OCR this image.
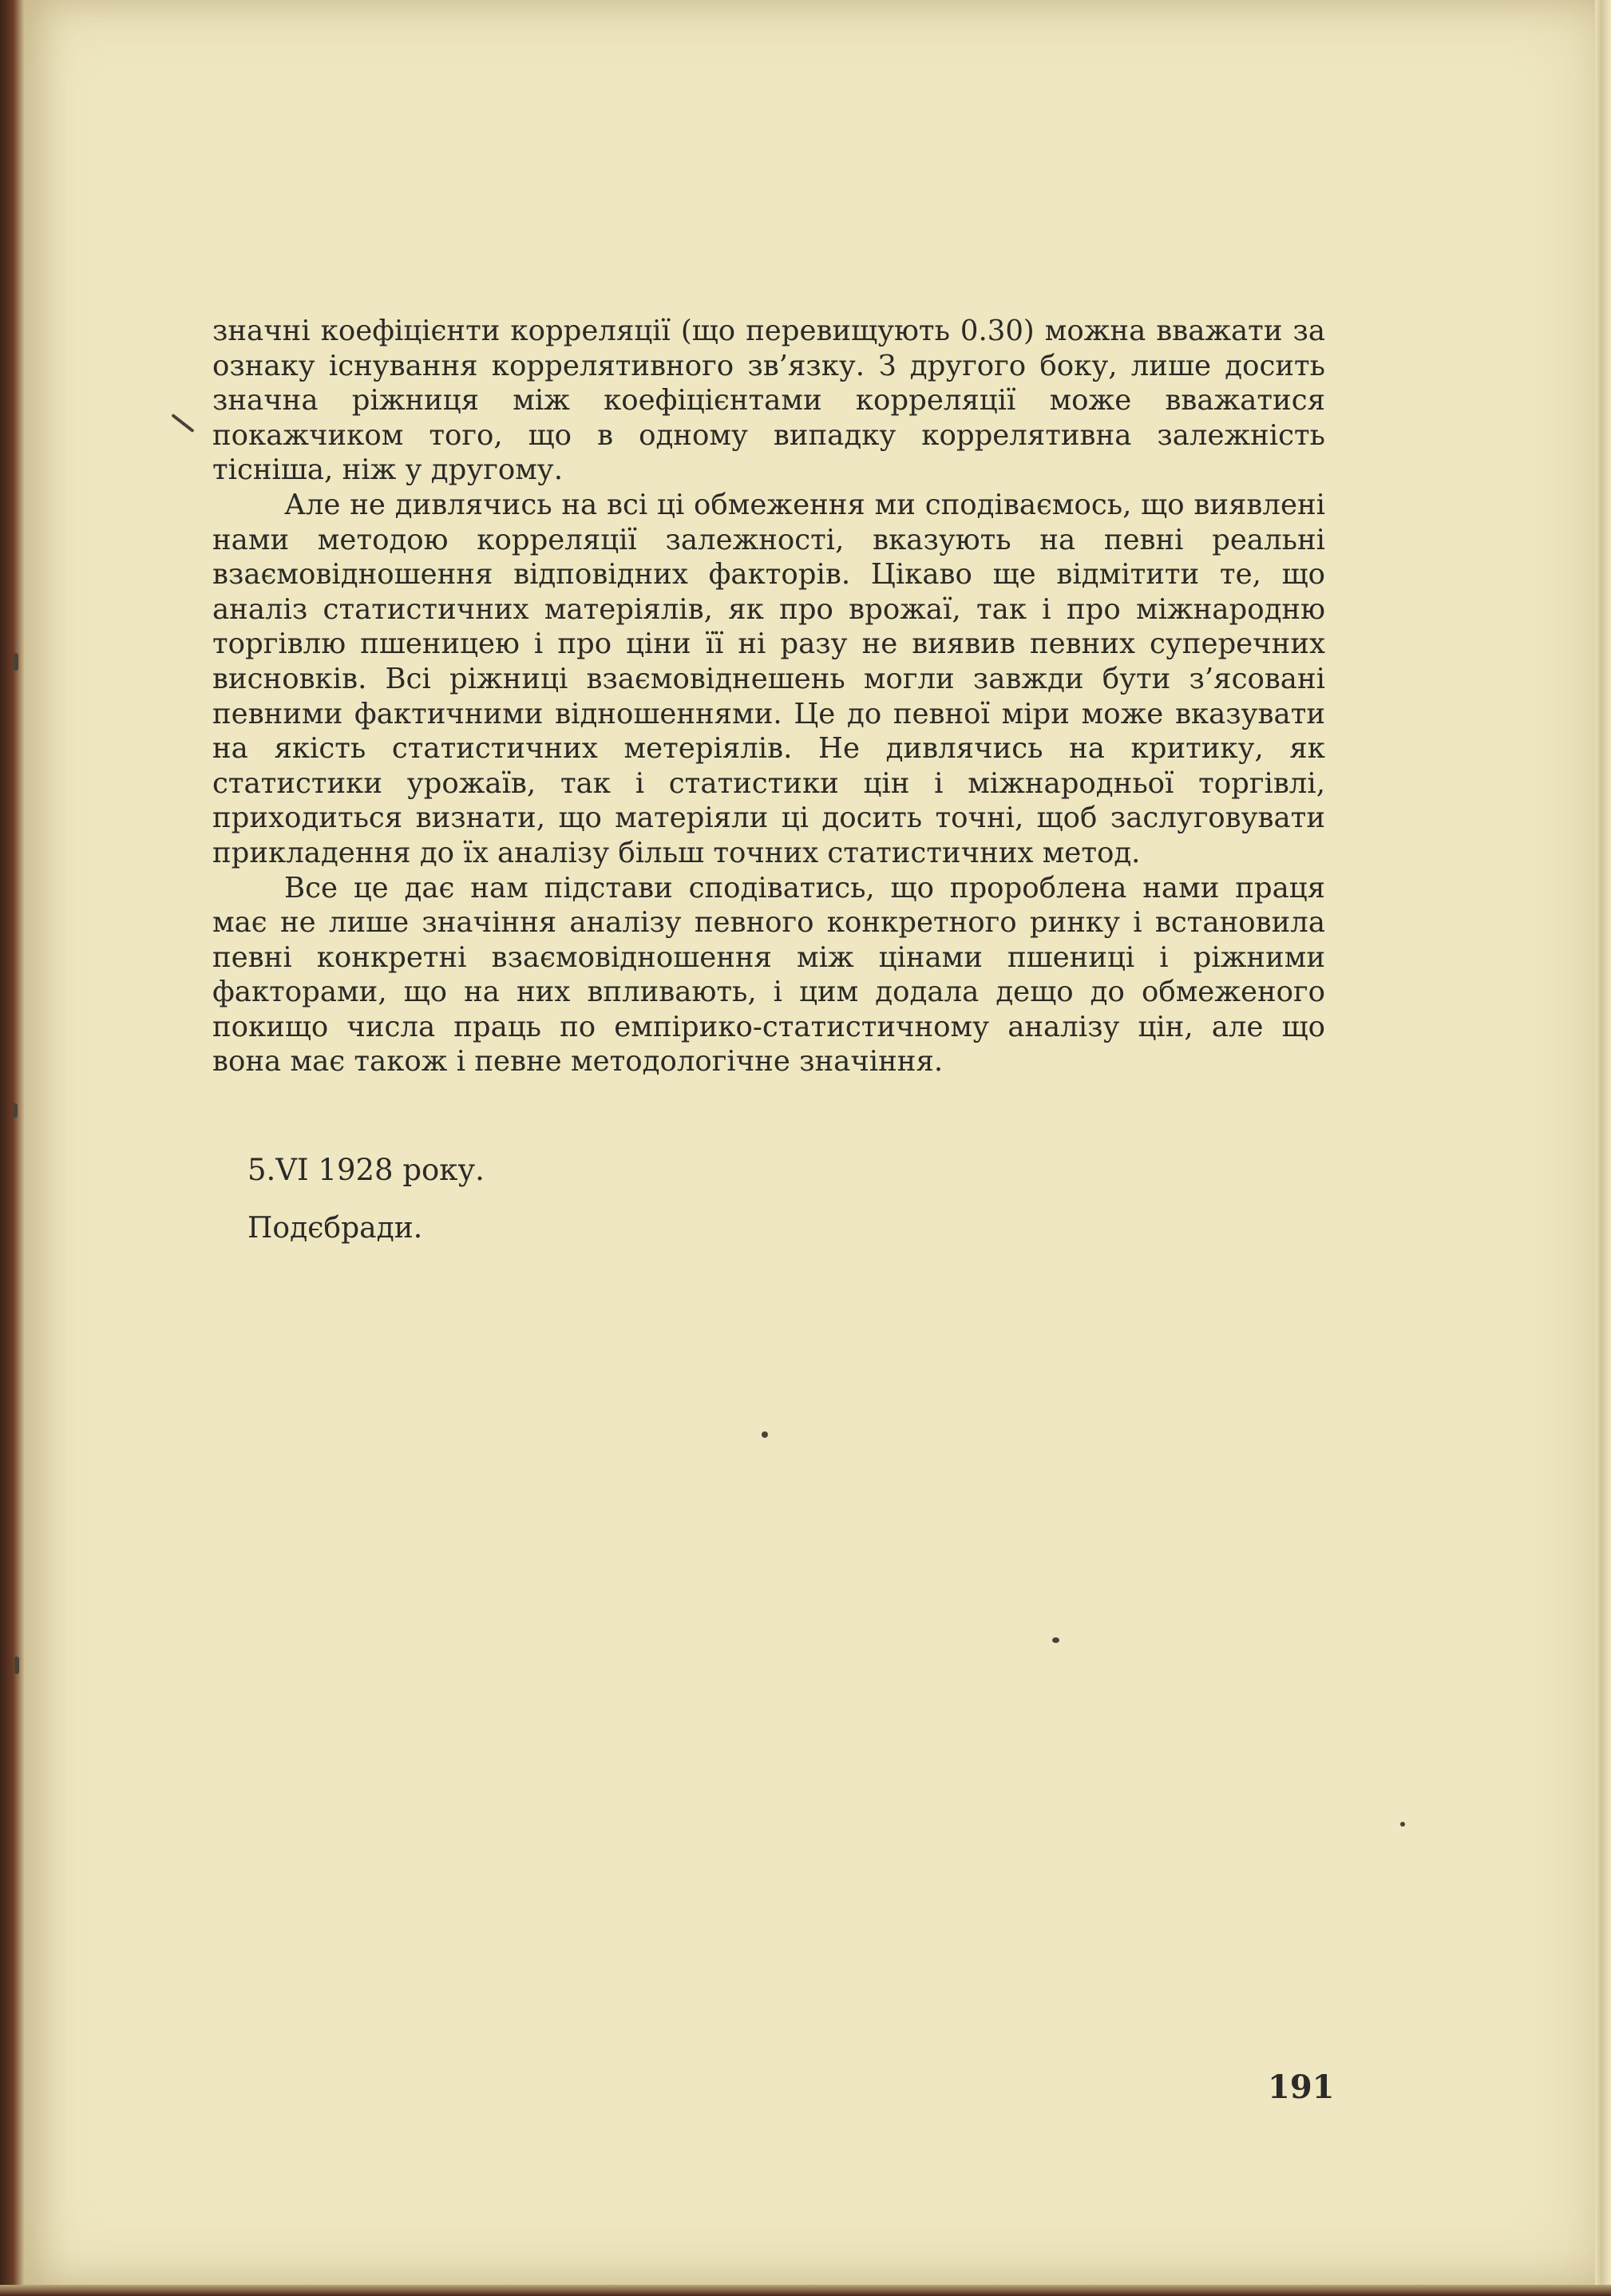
значні коефіцієнти корреляції (що перевищують 0.30) можна вважати за ознаку існування коррелятивного зв’язку. З другого боку, лише досить значна ріжниця між коефіцієнтами корреляції може вважатися покажчиком того, що в одному випадку коррелятивна залежність тісніша, ніж у другому.

Але не дивлячись на всі ці обмеження ми сподіваємось, що виявлені нами методою корреляції залежності, вказують на певні реальні взаємовідношення відповідних факторів. Цікаво ще відмітити те, що аналіз статистичних матеріялів, як про врожаї, так і про міжнародню торгівлю пшеницею і про ціни її ні разу не виявив певних суперечних висновків. Всі ріжниці взаємовіднешень могли завжди бути з’ясовані певними фактичними відношеннями. Це до певної міри може вказувати на якість статистичних метеріялів. Не дивлячись на критику, як статистики урожаїв, так і статистики цін і міжнародньої торгівлі, приходиться визнати, що матеріяли ці досить точні, щоб заслуговувати прикладення до їх аналізу більш точних статистичних метод.

Все це дає нам підстави сподіватись, що пророблена нами праця має не лише значіння аналізу певного конкретного ринку і встановила певні конкретні взаємовідношення між цінами пшениці і ріжними факторами, що на них впливають, і цим додала дещо до обмеженого покищо числа праць по емпірико-статистичному аналізу цін, але що вона має також і певне методологічне значіння.

5.VI 1928 року.
Подєбради.
191
